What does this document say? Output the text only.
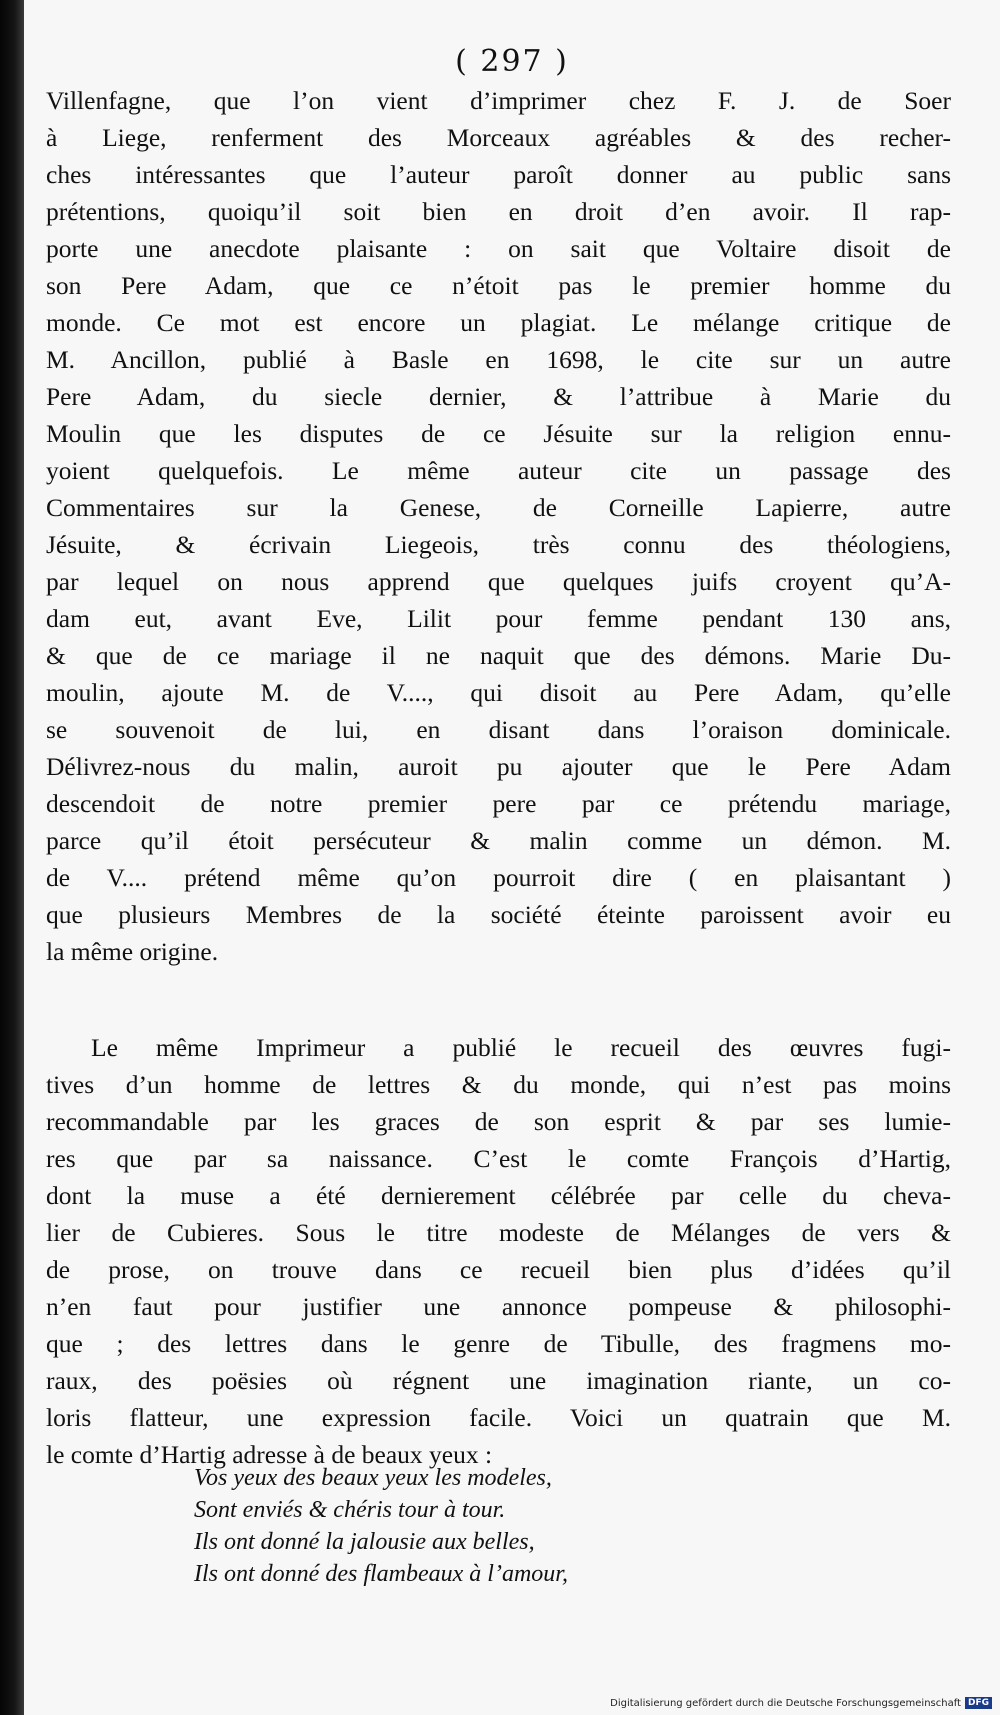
( 297 )
Villenfagne, que l’on vient d’imprimer chez F. J. de Soer
à Liege, renferment des Morceaux agréables & des recher-
ches intéressantes que l’auteur paroît donner au public sans
prétentions, quoiqu’il soit bien en droit d’en avoir. Il rap-
porte une anecdote plaisante : on sait que Voltaire disoit de
son Pere Adam, que ce n’étoit pas le premier homme du
monde. Ce mot est encore un plagiat. Le mélange critique de
M. Ancillon, publié à Basle en 1698, le cite sur un autre
Pere Adam, du siecle dernier, & l’attribue à Marie du
Moulin que les disputes de ce Jésuite sur la religion ennu-
yoient quelquefois. Le même auteur cite un passage des
Commentaires sur la Genese, de Corneille Lapierre, autre
Jésuite, & écrivain Liegeois, très connu des théologiens,
par lequel on nous apprend que quelques juifs croyent qu’A-
dam eut, avant Eve, Lilit pour femme pendant 130 ans,
& que de ce mariage il ne naquit que des démons. Marie Du-
moulin, ajoute M. de V...., qui disoit au Pere Adam, qu’elle
se souvenoit de lui, en disant dans l’oraison dominicale.
Délivrez-nous du malin, auroit pu ajouter que le Pere Adam
descendoit de notre premier pere par ce prétendu mariage,
parce qu’il étoit persécuteur & malin comme un démon. M.
de V.... prétend même qu’on pourroit dire ( en plaisantant )
que plusieurs Membres de la société éteinte paroissent avoir eu
la même origine.
Le même Imprimeur a publié le recueil des œuvres fugi-
tives d’un homme de lettres & du monde, qui n’est pas moins
recommandable par les graces de son esprit & par ses lumie-
res que par sa naissance. C’est le comte François d’Hartig,
dont la muse a été dernierement célébrée par celle du cheva-
lier de Cubieres. Sous le titre modeste de Mélanges de vers &
de prose, on trouve dans ce recueil bien plus d’idées qu’il
n’en faut pour justifier une annonce pompeuse & philosophi-
que ; des lettres dans le genre de Tibulle, des fragmens mo-
raux, des poësies où régnent une imagination riante, un co-
loris flatteur, une expression facile. Voici un quatrain que M.
le comte d’Hartig adresse à de beaux yeux :
Vos yeux des beaux yeux les modeles,
Sont enviés & chéris tour à tour.
Ils ont donné la jalousie aux belles,
Ils ont donné des flambeaux à l’amour,
Digitalisierung gefördert durch die Deutsche Forschungsgemeinschaft DFG
